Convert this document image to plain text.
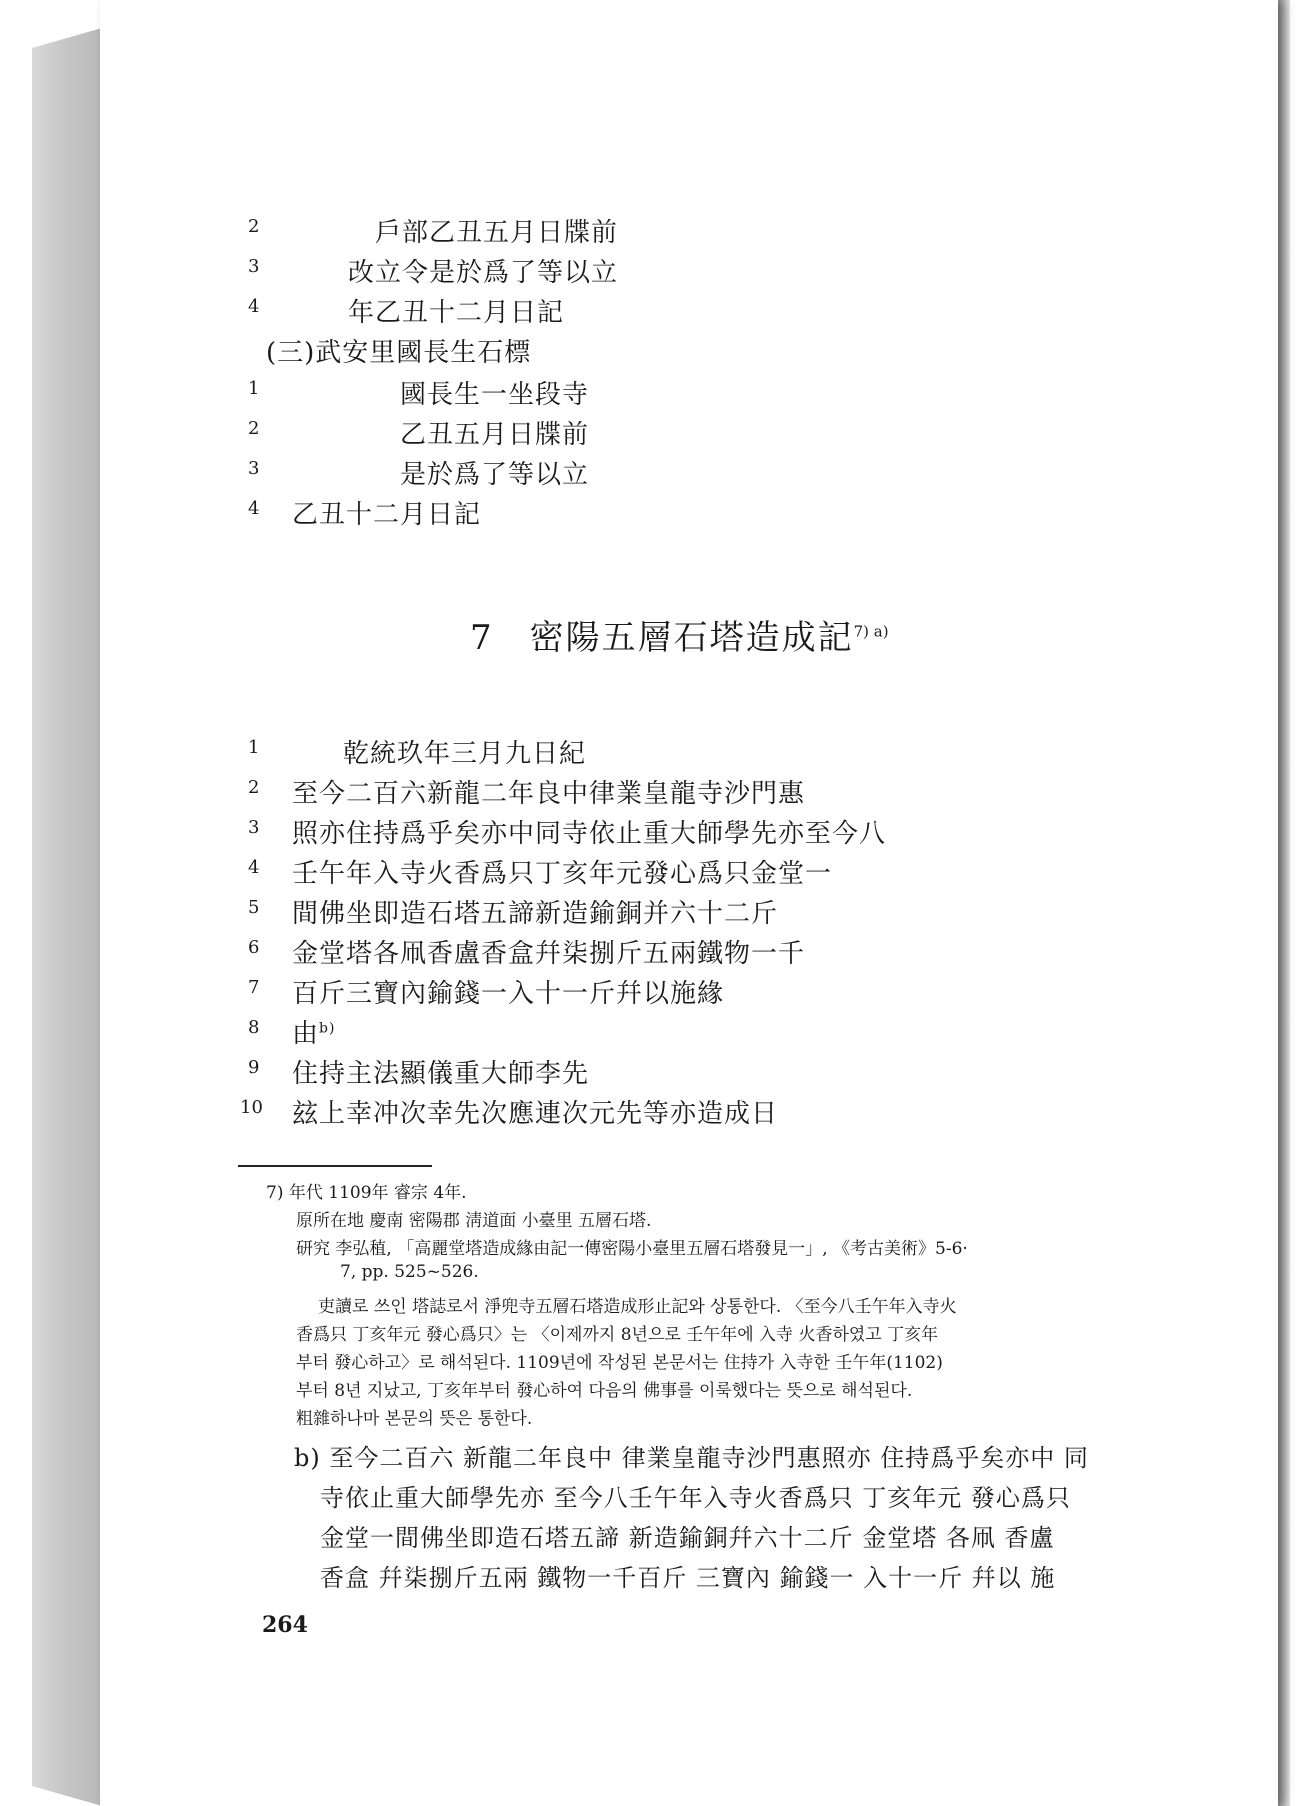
2	戶部乙丑五月日牒前
3	改立令是於爲了等以立
4	年乙丑十二月日記
(三)武安里國長生石標
1	國長生一坐段寺
2	乙丑五月日牒前
3	是於爲了等以立
4 乙丑十二月日記
7　密陽五層石塔造成記$^{7) a)}$
1	乾統玖年三月九日紀
2 至今二百六新龍二年良中律業皇龍寺沙門惠
3 照亦住持爲乎矣亦中同寺依止重大師學先亦至今八
4 壬午年入寺火香爲只丁亥年元發心爲只金堂一
5 間佛坐即造石塔五諦新造鍮銅并六十二斤
6 金堂塔各凧香盧香盒幷柒捌斤五兩鐵物一千
7 百斤三寶內鍮錢一入十一斤幷以施緣
8 由$^{b)}$
9 住持主法顯儀重大師李先
10 玆上幸冲次幸先次應連次元先等亦造成日
7) 年代 1109年 睿宗 4年.
原所在地 慶南 密陽郡 淸道面 小臺里 五層石塔.
研究 李弘稙, 「高麗堂塔造成緣由記一傳密陽小臺里五層石塔發見一」, 《考古美術》5-6·
7, pp. 525~526.
吏讀로 쓰인 塔誌로서 淨兜寺五層石塔造成形止記와 상통한다. 〈至今八壬午年入寺火
香爲只 丁亥年元 發心爲只〉는 〈이제까지 8년으로 壬午年에 入寺 火香하였고 丁亥年
부터 發心하고〉로 해석된다. 1109년에 작성된 본문서는 住持가 入寺한 壬午年(1102)
부터 8년 지났고, 丁亥年부터 發心하여 다음의 佛事를 이룩했다는 뜻으로 해석된다.
粗雜하나마 본문의 뜻은 통한다.
b) 至今二百六 新龍二年良中 律業皇龍寺沙門惠照亦 住持爲乎矣亦中 同
寺依止重大師學先亦 至今八壬午年入寺火香爲只 丁亥年元 發心爲只
金堂一間佛坐即造石塔五諦 新造鍮銅幷六十二斤 金堂塔 各凧 香盧
香盒 幷柒捌斤五兩 鐵物一千百斤 三寶內 鍮錢一 入十一斤 幷以 施
264
